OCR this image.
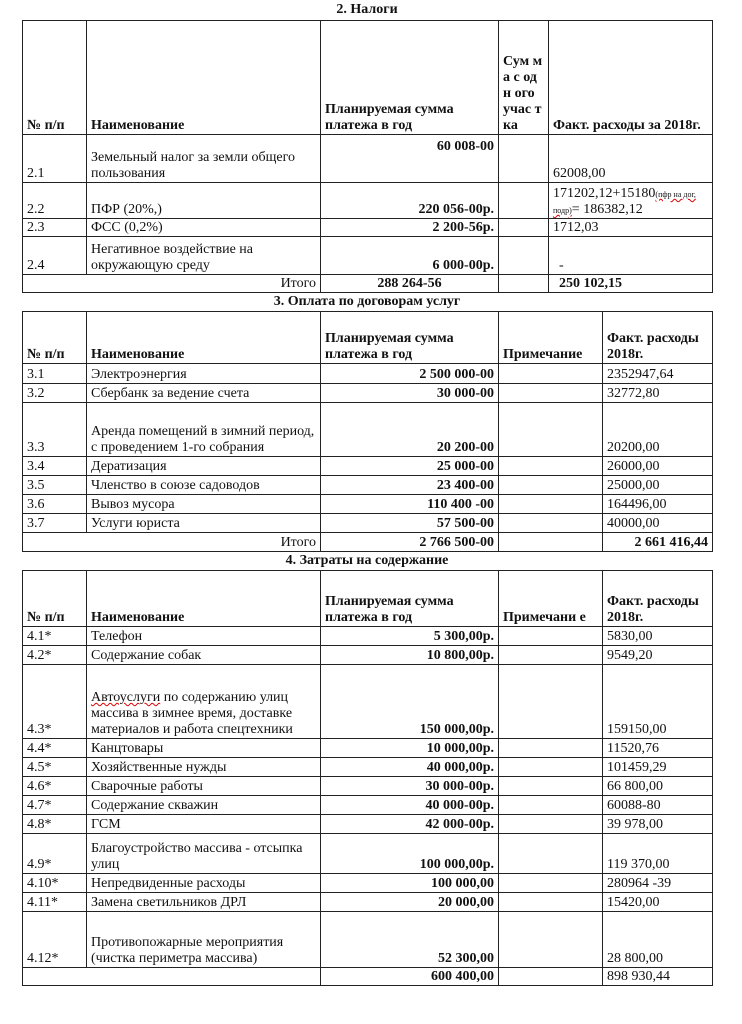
2. Налоги
№ п/п	Наименование	Планируемая сумма платежа в год	Сум ма с одн ого учас тка	Факт. расходы за 2018г.
2.1	Земельный налог за земли общего пользования	60 008-00		62008,00
2.2	ПФР (20%,)	220 056-00р.		171202,12+15180(пфр на дог, подр)= 186382,12
2.3	ФСС (0,2%)	2 200-56р.		1712,03
2.4	Негативное воздействие на окружающую среду	6 000-00р.		-
Итого		288 264-56		250 102,15
3. Оплата по договорам услуг
№ п/п	Наименование	Планируемая сумма платежа в год	Примечание	Факт. расходы 2018г.
3.1	Электроэнергия	2 500 000-00		2352947,64
3.2	Сбербанк за ведение счета	30 000-00		32772,80
3.3	Аренда помещений в зимний период, с проведением 1-го собрания	20 200-00		20200,00
3.4	Дератизация	25 000-00		26000,00
3.5	Членство в союзе садоводов	23 400-00		25000,00
3.6	Вывоз мусора	110 400 -00		164496,00
3.7	Услуги юриста	57 500-00		40000,00
Итого		2 766 500-00		2 661 416,44
4. Затраты на содержание
№ п/п	Наименование	Планируемая сумма платежа в год	Примечани е	Факт. расходы 2018г.
4.1*	Телефон	5 300,00р.		5830,00
4.2*	Содержание собак	10 800,00р.		9549,20
4.3*	Автоуслуги по содержанию улиц массива в зимнее время, доставке материалов и работа спецтехники	150 000,00р.		159150,00
4.4*	Канцтовары	10 000,00р.		11520,76
4.5*	Хозяйственные нужды	40 000,00р.		101459,29
4.6*	Сварочные работы	30 000-00р.		66 800,00
4.7*	Содержание скважин	40 000-00р.		60088-80
4.8*	ГСМ	42 000-00р.		39 978,00
4.9*	Благоустройство массива - отсыпка улиц	100 000,00р.		119 370,00
4.10*	Непредвиденные расходы	100 000,00		280964 -39
4.11*	Замена светильников ДРЛ	20 000,00		15420,00
4.12*	Противопожарные мероприятия (чистка периметра массива)	52 300,00		28 800,00
		600 400,00		898 930,44
